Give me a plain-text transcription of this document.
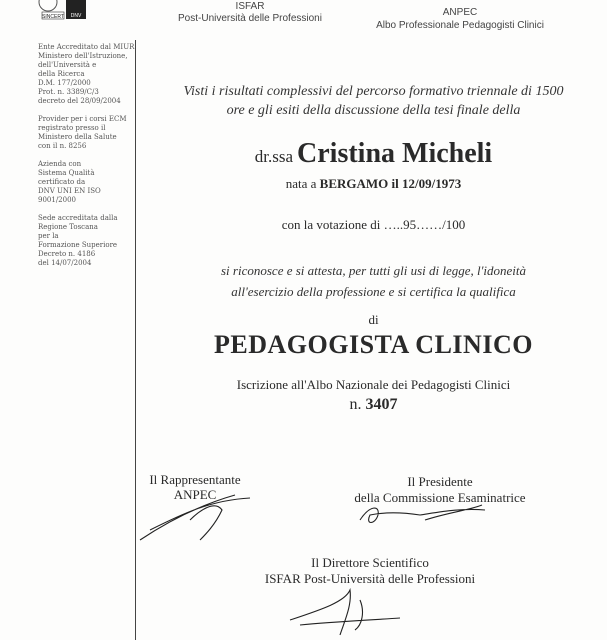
SINCERT DNV
ISFAR
Post-Università delle Professioni
ANPEC
Albo Professionale Pedagogisti Clinici

Ente Accreditato dal MIUR
Ministero dell'Istruzione,
dell'Università e
della Ricerca
D.M. 177/2000
Prot. n. 3389/C/3
decreto del 28/09/2004

Provider per i corsi ECM
registrato presso il
Ministero della Salute
con il n. 8256

Azienda con
Sistema Qualità
certificato da
DNV UNI EN ISO
9001/2000

Sede accreditata dalla
Regione Toscana
per la
Formazione Superiore
Decreto n. 4186
del 14/07/2004

Visti i risultati complessivi del percorso formativo triennale di 1500
ore e gli esiti della discussione della tesi finale della
dr.ssa Cristina Micheli
nata a BERGAMO il 12/09/1973
con la votazione di …..95……/100
si riconosce e si attesta, per tutti gli usi di legge, l'idoneità
all'esercizio della professione e si certifica la qualifica
di
PEDAGOGISTA CLINICO
Iscrizione all'Albo Nazionale dei Pedagogisti Clinici
n. 3407
Il Rappresentante
ANPEC
Il Presidente
della Commissione Esaminatrice
Il Direttore Scientifico
ISFAR Post-Università delle Professioni
